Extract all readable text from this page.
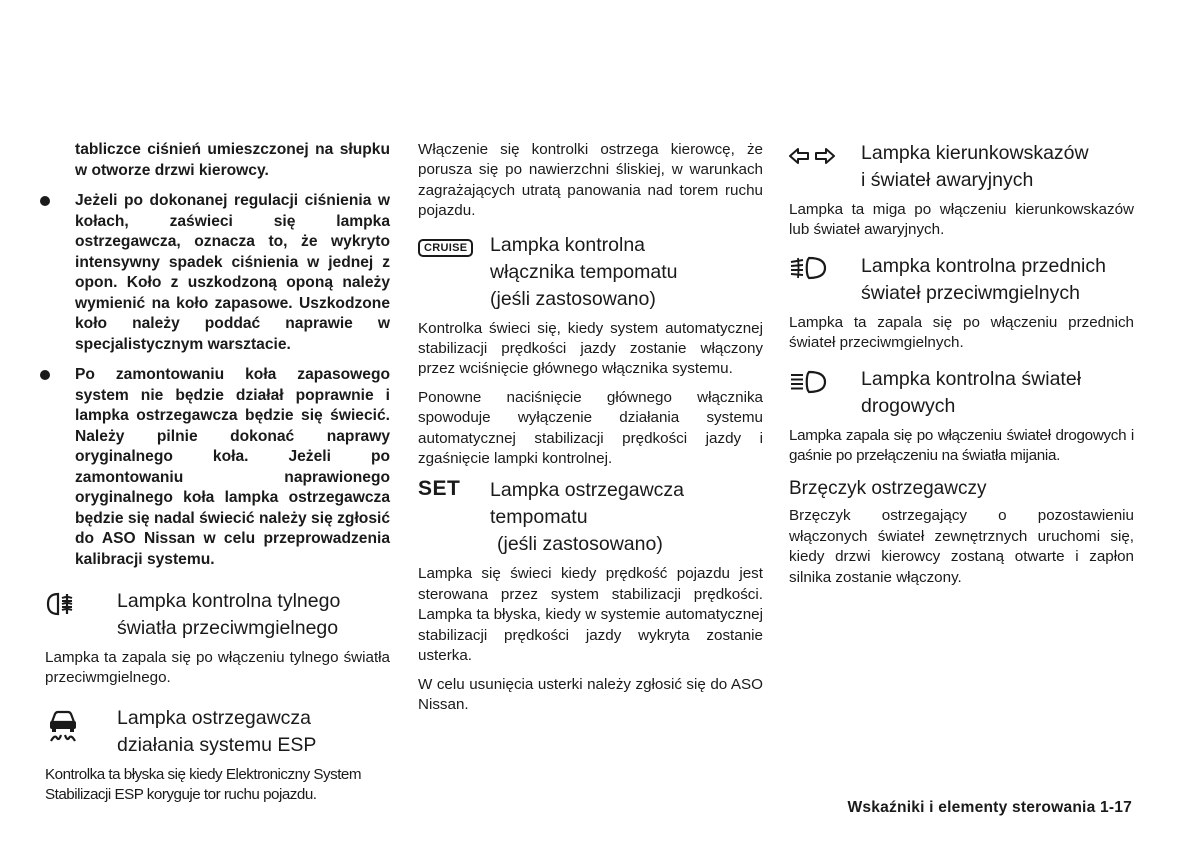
tabliczce ciśnień umieszczonej na słupku w otworze drzwi kierowcy.

Jeżeli po dokonanej regulacji ciśnienia w kołach, zaświeci się lampka ostrzegawcza, oznacza to, że wykryto intensywny spadek ciśnienia w jednej z opon. Koło z uszkodzoną oponą należy wymienić na koło zapasowe. Uszkodzone koło należy poddać naprawie w specjalistycznym warsztacie.

Po zamontowaniu koła zapasowego system nie będzie działał poprawnie i lampka ostrzegawcza będzie się świecić. Należy pilnie dokonać naprawy oryginalnego koła. Jeżeli po zamontowaniu naprawionego oryginalnego koła lampka ostrzegawcza będzie się nadal świecić należy się zgłosić do ASO Nissan w celu przeprowadzenia kalibracji systemu.

Lampka kontrolna tylnego
światła przeciwmgielnego

Lampka ta zapala się po włączeniu tylnego światła przeciwmgielnego.

Lampka ostrzegawcza
działania systemu ESP

Kontrolka ta błyska się kiedy Elektroniczny System Stabilizacji ESP koryguje tor ruchu pojazdu.

Włączenie się kontrolki ostrzega kierowcę, że porusza się po nawierzchni śliskiej, w warunkach zagrażających utratą panowania nad torem ruchu pojazdu.

CRUISE	Lampka kontrolna
włącznika tempomatu
(jeśli zastosowano)

Kontrolka świeci się, kiedy system automatycznej stabilizacji prędkości jazdy zostanie włączony przez wciśnięcie głównego włącznika systemu.

Ponowne naciśnięcie głównego włącznika spowoduje wyłączenie działania systemu automatycznej stabilizacji prędkości jazdy i zgaśnięcie lampki kontrolnej.

SET Lampka ostrzegawcza
tempomatu
(jeśli zastosowano)

Lampka się świeci kiedy prędkość pojazdu jest sterowana przez system stabilizacji prędkości. Lampka ta błyska, kiedy w systemie automatycznej stabilizacji prędkości jazdy wykryta zostanie usterka.

W celu usunięcia usterki należy zgłosić się do ASO Nissan.

Lampka kierunkowskazów
i świateł awaryjnych

Lampka ta miga po włączeniu kierunkowskazów lub świateł awaryjnych.

Lampka kontrolna przednich
świateł przeciwmgielnych

Lampka ta zapala się po włączeniu przednich świateł przeciwmgielnych.

Lampka kontrolna świateł
drogowych

Lampka zapala się po włączeniu świateł drogowych i gaśnie po przełączeniu na światła mijania.

Brzęczyk ostrzegawczy

Brzęczyk ostrzegający o pozostawieniu włączonych świateł zewnętrznych uruchomi się, kiedy drzwi kierowcy zostaną otwarte i zapłon silnika zostanie włączony.

Wskaźniki i elementy sterowania 1-17
